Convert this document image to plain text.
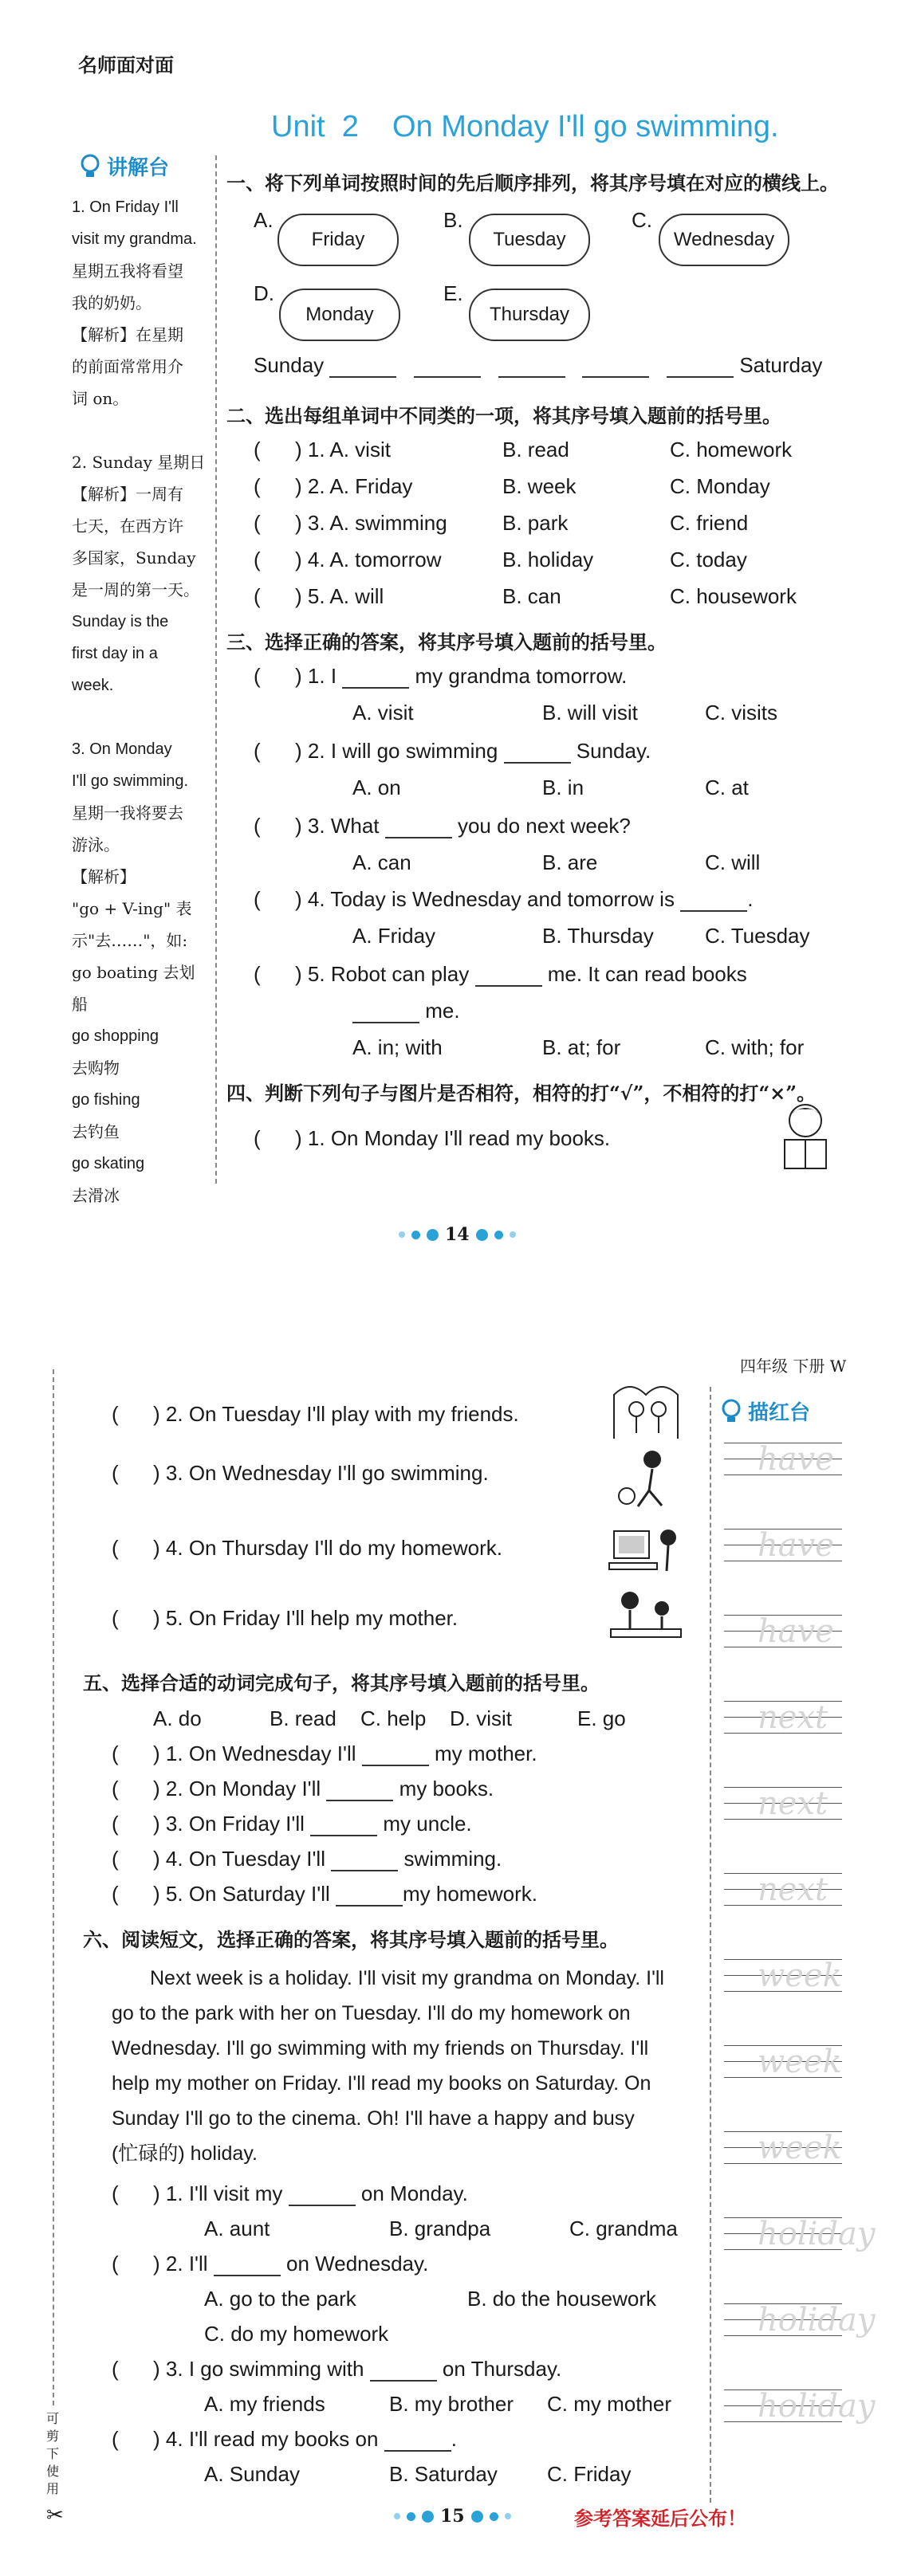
名师面对面
Unit  2    On Monday I'll go swimming.
讲解台

1. On Friday I'll

visit my grandma.

星期五我将看望

我的奶奶。

【解析】在星期

的前面常常用介

词 on。

2. Sunday 星期日

【解析】一周有

七天，在西方许

多国家，Sunday

是一周的第一天。

Sunday is the

first day in a

week.

3. On Monday

I'll go swimming.

星期一我将要去

游泳。

【解析】

"go + V-ing" 表

示"去……"，如:

go boating 去划船

go shopping

去购物

go fishing

去钓鱼

go skating

去滑冰

一、将下列单词按照时间的先后顺序排列，将其序号填在对应的横线上。
A.
Friday
B.
Tuesday
C.
Wednesday
D.
Monday
E.
Thursday
Sunday	Saturday
二、选出每组单词中不同类的一项，将其序号填入题前的括号里。
(      ) 1. A. visit	B. read	C. homework
(      ) 2. A. Friday	B. week	C. Monday
(      ) 3. A. swimming	B. park	C. friend
(      ) 4. A. tomorrow	B. holiday	C. today
(      ) 5. A. will	B. can	C. housework
三、选择正确的答案，将其序号填入题前的括号里。
(      ) 1. I	my grandma tomorrow.
A. visit	B. will visit	C. visits
(      ) 2. I will go swimming	Sunday.
A. on	B. in	C. at
(      ) 3. What	you do next week?
A. can	B. are	C. will
(      ) 4. Today is Wednesday and tomorrow is	.
A. Friday	B. Thursday C. Tuesday
(      ) 5. Robot can play	me. It can read books
me.
A. in; with	B. at; for	C. with; for
四、判断下列句子与图片是否相符，相符的打“√”，不相符的打“×”。
(      ) 1. On Monday I'll read my books.
14
四年级 下册 W
可剪下使用
✂
描红台
have
have
have
next
next
next
week
week
week
holiday
holiday
holiday
(      ) 2. On Tuesday I'll play with my friends.
(      ) 3. On Wednesday I'll go swimming.
(      ) 4. On Thursday I'll do my homework.
(      ) 5. On Friday I'll help my mother.
五、选择合适的动词完成句子，将其序号填入题前的括号里。
A. do	B. read C. help D. visit	E. go
(      ) 1. On Wednesday I'll	my mother.
(      ) 2. On Monday I'll	my books.
(      ) 3. On Friday I'll	my uncle.
(      ) 4. On Tuesday I'll	swimming.
(      ) 5. On Saturday I'll	my homework.
六、阅读短文，选择正确的答案，将其序号填入题前的括号里。
Next week is a holiday. I'll visit my grandma on Monday. I'll
go to the park with her on Tuesday. I'll do my homework on
Wednesday. I'll go swimming with my friends on Thursday. I'll
help my mother on Friday. I'll read my books on Saturday. On
Sunday I'll go to the cinema. Oh! I'll have a happy and busy
(忙碌的) holiday.
(      ) 1. I'll visit my	on Monday.
A. aunt	B. grandpa	C. grandma
(      ) 2. I'll	on Wednesday.
A. go to the park	B. do the housework
C. do my homework
(      ) 3. I go swimming with	on Thursday.
A. my friends	B. my brother C. my mother
(      ) 4. I'll read my books on	.
A. Sunday	B. Saturday C. Friday
15	参考答案延后公布！
